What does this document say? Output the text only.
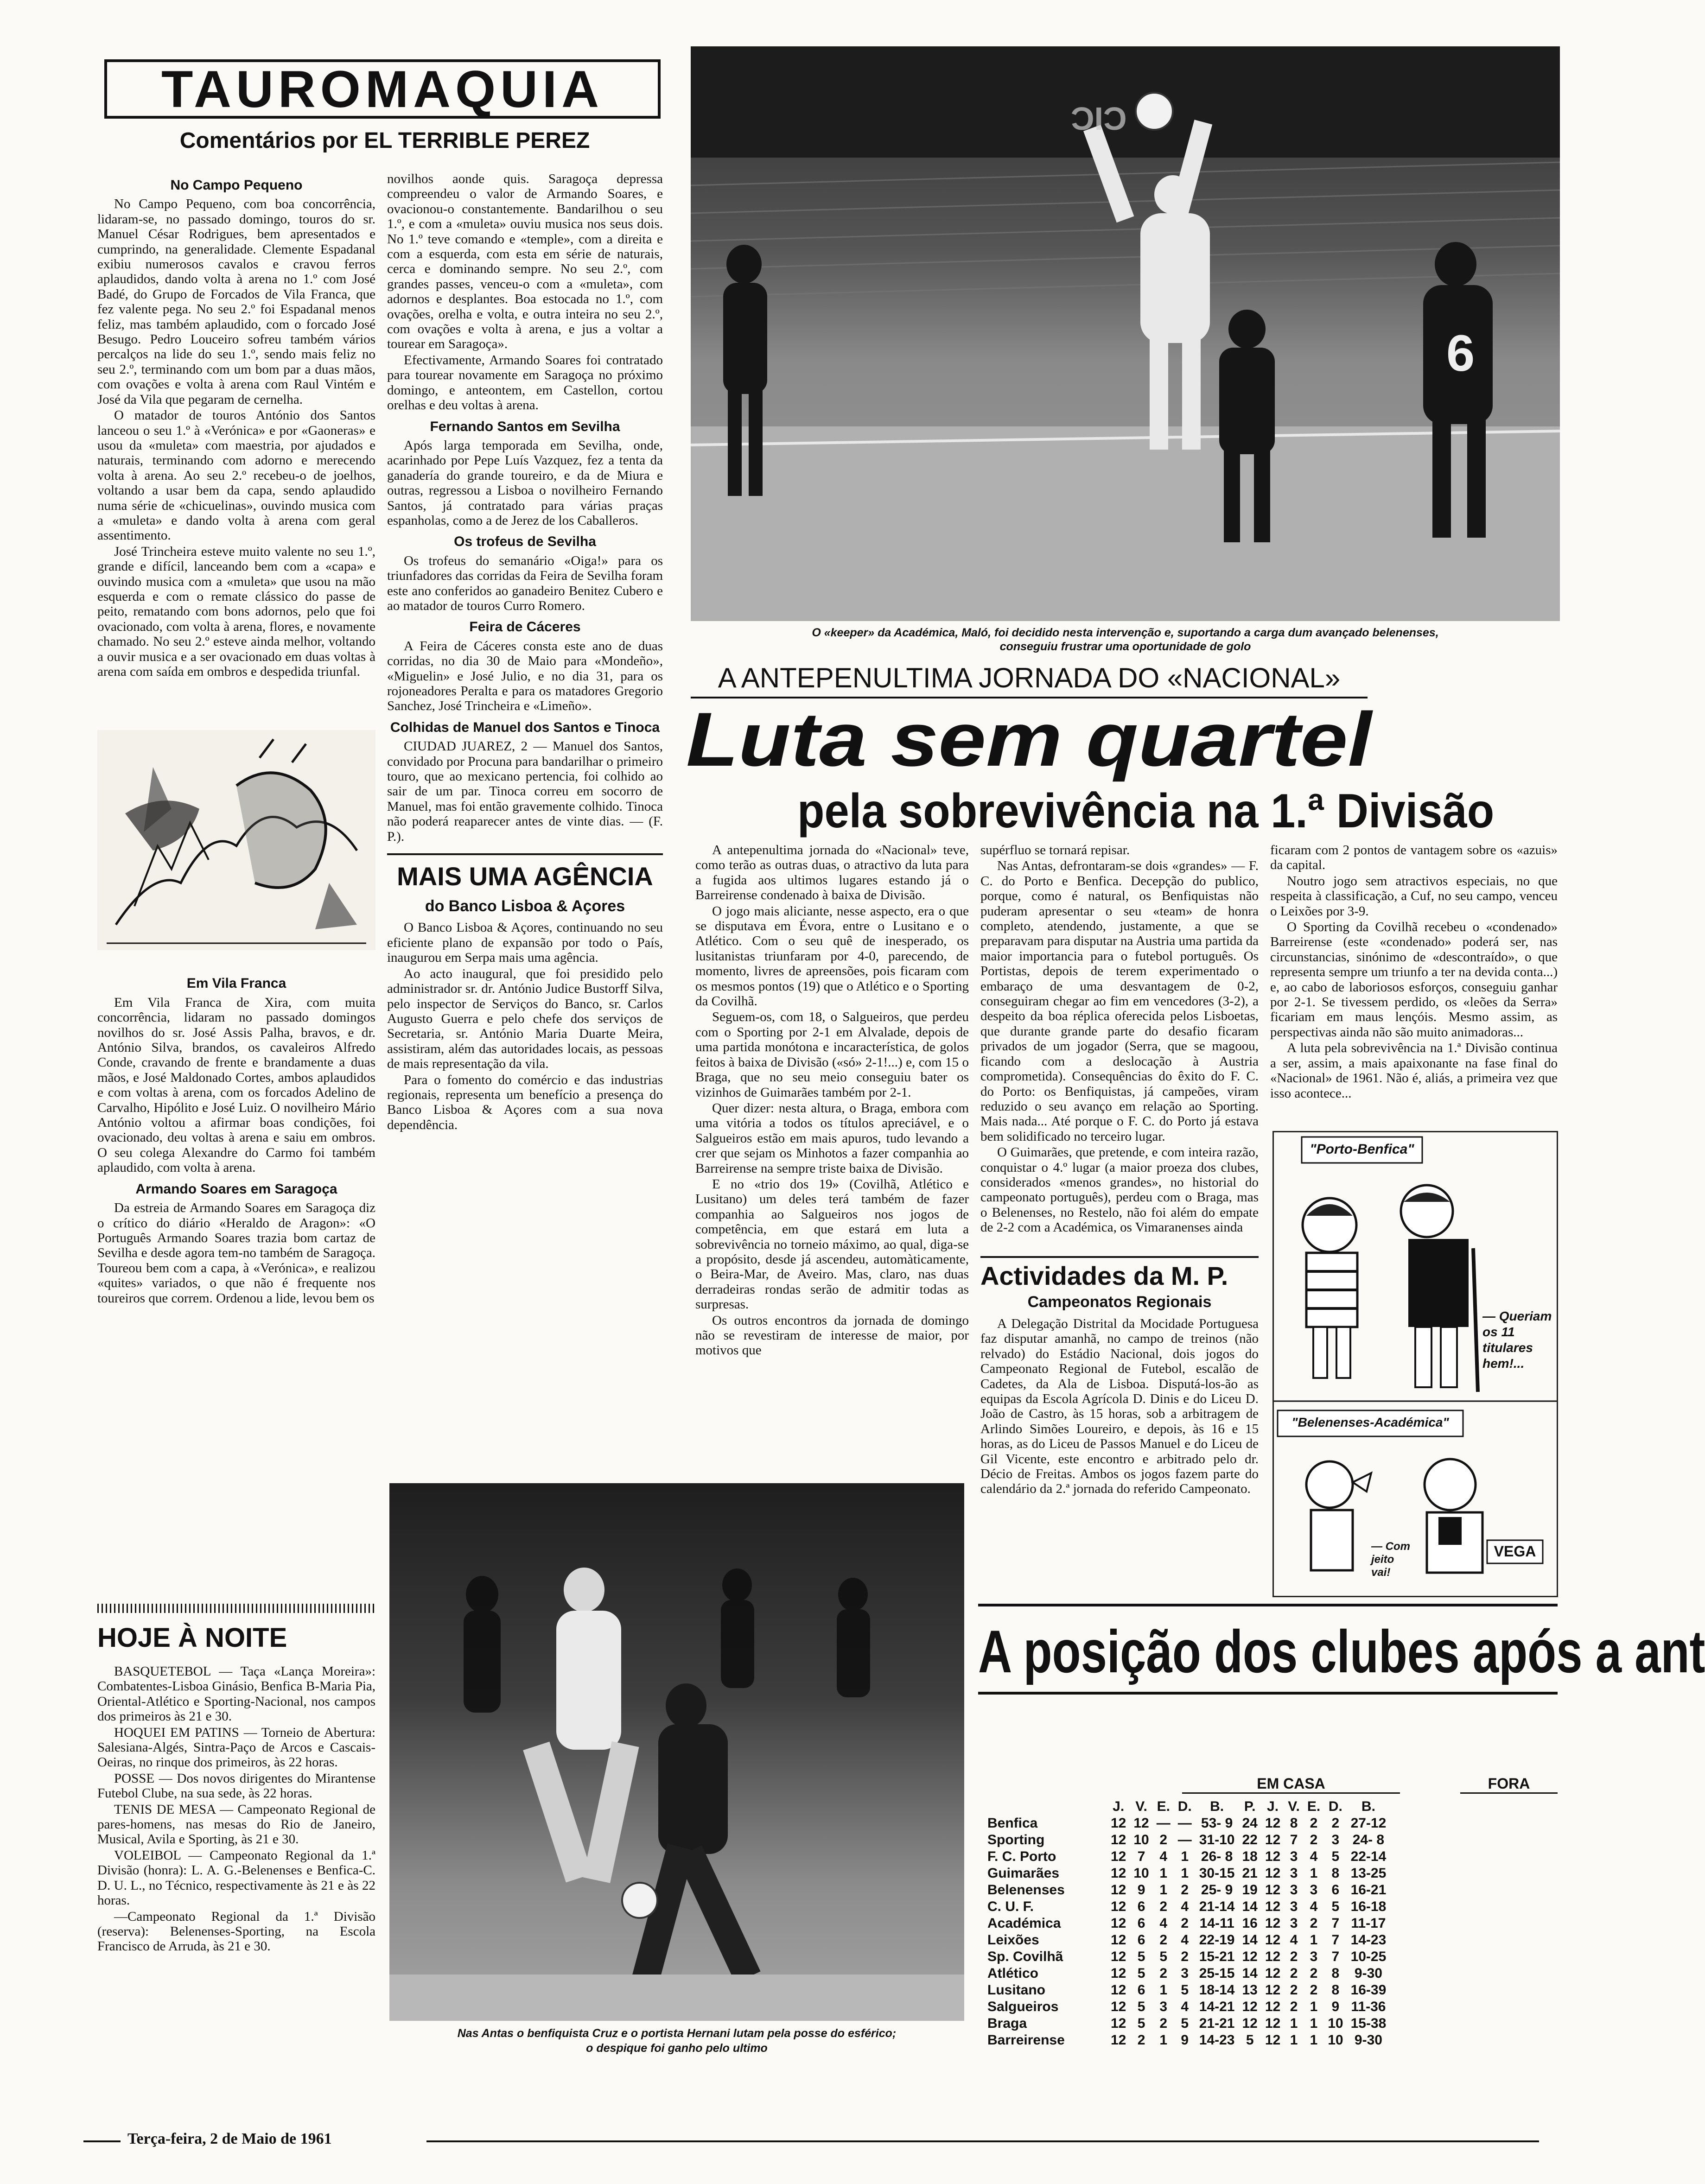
TAUROMAQUIA
Comentários por EL TERRIBLE PEREZ
No Campo Pequeno

No Campo Pequeno, com boa concorrência, lidaram-se, no passado domingo, touros do sr. Manuel César Rodrigues, bem apresentados e cumprindo, na generalidade. Clemente Espadanal exibiu numerosos cavalos e cravou ferros aplaudidos, dando volta à arena no 1.º com José Badé, do Grupo de Forcados de Vila Franca, que fez valente pega. No seu 2.º foi Espadanal menos feliz, mas também aplaudido, com o forcado José Besugo. Pedro Louceiro sofreu também vários percalços na lide do seu 1.º, sendo mais feliz no seu 2.º, terminando com um bom par a duas mãos, com ovações e volta à arena com Raul Vintém e José da Vila que pegaram de cernelha.

O matador de touros António dos Santos lanceou o seu 1.º à «Verónica» e por «Gaoneras» e usou da «muleta» com maestria, por ajudados e naturais, terminando com adorno e merecendo volta à arena. Ao seu 2.º recebeu-o de joelhos, voltando a usar bem da capa, sendo aplaudido numa série de «chicuelinas», ouvindo musica com a «muleta» e dando volta à arena com geral assentimento.

José Trincheira esteve muito valente no seu 1.º, grande e difícil, lanceando bem com a «capa» e ouvindo musica com a «muleta» que usou na mão esquerda e com o remate clássico do passe de peito, rematando com bons adornos, pelo que foi ovacionado, com volta à arena, flores, e novamente chamado. No seu 2.º esteve ainda melhor, voltando a ouvir musica e a ser ovacionado em duas voltas à arena com saída em ombros e despedida triunfal.

Em Vila Franca

Em Vila Franca de Xira, com muita concorrência, lidaram no passado domingos novilhos do sr. José Assis Palha, bravos, e dr. António Silva, brandos, os cavaleiros Alfredo Conde, cravando de frente e brandamente a duas mãos, e José Maldonado Cortes, ambos aplaudidos e com voltas à arena, com os forcados Adelino de Carvalho, Hipólito e José Luiz. O novilheiro Mário António voltou a afirmar boas condições, foi ovacionado, deu voltas à arena e saiu em ombros. O seu colega Alexandre do Carmo foi também aplaudido, com volta à arena.

Armando Soares em Saragoça

Da estreia de Armando Soares em Saragoça diz o crítico do diário «Heraldo de Aragon»: «O Português Armando Soares trazia bom cartaz de Sevilha e desde agora tem-no também de Saragoça. Toureou bem com a capa, à «Verónica», e realizou «quites» variados, o que não é frequente nos toureiros que correm. Ordenou a lide, levou bem os

novilhos aonde quis. Saragoça depressa compreendeu o valor de Armando Soares, e ovacionou-o constantemente. Bandarilhou o seu 1.º, e com a «muleta» ouviu musica nos seus dois. No 1.º teve comando e «temple», com a direita e com a esquerda, com esta em série de naturais, cerca e dominando sempre. No seu 2.º, com grandes passes, venceu-o com a «muleta», com adornos e desplantes. Boa estocada no 1.º, com ovações, orelha e volta, e outra inteira no seu 2.º, com ovações e volta à arena, e jus a voltar a tourear em Saragoça».

Efectivamente, Armando Soares foi contratado para tourear novamente em Saragoça no próximo domingo, e anteontem, em Castellon, cortou orelhas e deu voltas à arena.

Fernando Santos em Sevilha

Após larga temporada em Sevilha, onde, acarinhado por Pepe Luís Vazquez, fez a tenta da ganadería do grande toureiro, e da de Miura e outras, regressou a Lisboa o novilheiro Fernando Santos, já contratado para várias praças espanholas, como a de Jerez de los Caballeros.

Os trofeus de Sevilha

Os trofeus do semanário «Oiga!» para os triunfadores das corridas da Feira de Sevilha foram este ano conferidos ao ganadeiro Benitez Cubero e ao matador de touros Curro Romero.

Feira de Cáceres

A Feira de Cáceres consta este ano de duas corridas, no dia 30 de Maio para «Mondeño», «Miguelin» e José Julio, e no dia 31, para os rojoneadores Peralta e para os matadores Gregorio Sanchez, José Trincheira e «Limeño».

Colhidas de Manuel dos Santos e Tinoca

CIUDAD JUAREZ, 2 — Manuel dos Santos, convidado por Procuna para bandarilhar o primeiro touro, que ao mexicano pertencia, foi colhido ao sair de um par. Tinoca correu em socorro de Manuel, mas foi então gravemente colhido. Tinoca não poderá reaparecer antes de vinte dias. — (F. P.).

MAIS UMA AGÊNCIA
do Banco Lisboa & Açores

O Banco Lisboa & Açores, continuando no seu eficiente plano de expansão por todo o País, inaugurou em Serpa mais uma agência.

Ao acto inaugural, que foi presidido pelo administrador sr. dr. António Judice Bustorff Silva, pelo inspector de Serviços do Banco, sr. Carlos Augusto Guerra e pelo chefe dos serviços de Secretaria, sr. António Maria Duarte Meira, assistiram, além das autoridades locais, as pessoas de mais representação da vila.

Para o fomento do comércio e das industrias regionais, representa um benefício a presença do Banco Lisboa & Açores com a sua nova dependência.

HOJE À NOITE

BASQUETEBOL — Taça «Lança Moreira»: Combatentes-Lisboa Ginásio, Benfica B-Maria Pia, Oriental-Atlético e Sporting-Nacional, nos campos dos primeiros às 21 e 30.

HOQUEI EM PATINS — Torneio de Abertura: Salesiana-Algés, Sintra-Paço de Arcos e Cascais-Oeiras, no rinque dos primeiros, às 22 horas.

POSSE — Dos novos dirigentes do Mirantense Futebol Clube, na sua sede, às 22 horas.

TENIS DE MESA — Campeonato Regional de pares-homens, nas mesas do Rio de Janeiro, Musical, Avila e Sporting, às 21 e 30.

VOLEIBOL — Campeonato Regional da 1.ª Divisão (honra): L. A. G.-Belenenses e Benfica-C. D. U. L., no Técnico, respectivamente às 21 e às 22 horas.

—Campeonato Regional da 1.ª Divisão (reserva): Belenenses-Sporting, na Escola Francisco de Arruda, às 21 e 30.

Terça-feira, 2 de Maio de 1961
6
ƆIƆ
O «keeper» da Académica, Maló, foi decidido nesta intervenção e, suportando a carga dum avançado belenenses,
conseguiu frustrar uma oportunidade de golo
A ANTEPENULTIMA JORNADA DO «NACIONAL»
Luta sem quartel
pela sobrevivência na 1.ª Divisão

A antepenultima jornada do «Nacional» teve, como terão as outras duas, o atractivo da luta para a fugida aos ultimos lugares estando já o Barreirense condenado à baixa de Divisão.

O jogo mais aliciante, nesse aspecto, era o que se disputava em Évora, entre o Lusitano e o Atlético. Com o seu quê de inesperado, os lusitanistas triunfaram por 4-0, parecendo, de momento, livres de apreensões, pois ficaram com os mesmos pontos (19) que o Atlético e o Sporting da Covilhã.

Seguem-os, com 18, o Salgueiros, que perdeu com o Sporting por 2-1 em Alvalade, depois de uma partida monótona e incaracterística, de golos feitos à baixa de Divisão («só» 2-1!...) e, com 15 o Braga, que no seu meio conseguiu bater os vizinhos de Guimarães também por 2-1.

Quer dizer: nesta altura, o Braga, embora com uma vitória a todos os títulos apreciável, e o Salgueiros estão em mais apuros, tudo levando a crer que sejam os Minhotos a fazer companhia ao Barreirense na sempre triste baixa de Divisão.

E no «trio dos 19» (Covilhã, Atlético e Lusitano) um deles terá também de fazer companhia ao Salgueiros nos jogos de competência, em que estará em luta a sobrevivência no torneio máximo, ao qual, diga-se a propósito, desde já ascendeu, automàticamente, o Beira-Mar, de Aveiro. Mas, claro, nas duas derradeiras rondas serão de admitir todas as surpresas.

Os outros encontros da jornada de domingo não se revestiram de interesse de maior, por motivos que

supérfluo se tornará repisar.

Nas Antas, defrontaram-se dois «grandes» — F. C. do Porto e Benfica. Decepção do publico, porque, como é natural, os Benfiquistas não puderam apresentar o seu «team» de honra completo, atendendo, justamente, a que se preparavam para disputar na Austria uma partida da maior importancia para o futebol português. Os Portistas, depois de terem experimentado o embaraço de uma desvantagem de 0-2, conseguiram chegar ao fim em vencedores (3-2), a despeito da boa réplica oferecida pelos Lisboetas, que durante grande parte do desafio ficaram privados de um jogador (Serra, que se magoou, ficando com a deslocação à Austria comprometida). Consequências do êxito do F. C. do Porto: os Benfiquistas, já campeões, viram reduzido o seu avanço em relação ao Sporting. Mais nada... Até porque o F. C. do Porto já estava bem solidificado no terceiro lugar.

O Guimarães, que pretende, e com inteira razão, conquistar o 4.º lugar (a maior proeza dos clubes, considerados «menos grandes», no historial do campeonato português), perdeu com o Braga, mas o Belenenses, no Restelo, não foi além do empate de 2-2 com a Académica, os Vimaranenses ainda

ficaram com 2 pontos de vantagem sobre os «azuis» da capital.

Noutro jogo sem atractivos especiais, no que respeita à classificação, a Cuf, no seu campo, venceu o Leixões por 3-9.

O Sporting da Covilhã recebeu o «condenado» Barreirense (este «condenado» poderá ser, nas circunstancias, sinónimo de «descontraído», o que representa sempre um triunfo a ter na devida conta...) e, ao cabo de laboriosos esforços, conseguiu ganhar por 2-1. Se tivessem perdido, os «leões da Serra» ficariam em maus lençóis. Mesmo assim, as perspectivas ainda não são muito animadoras...

A luta pela sobrevivência na 1.ª Divisão continua a ser, assim, a mais apaixonante na fase final do «Nacional» de 1961. Não é, aliás, a primeira vez que isso acontece...

Actividades da M. P.
Campeonatos Regionais

A Delegação Distrital da Mocidade Portuguesa faz disputar amanhã, no campo de treinos (não relvado) do Estádio Nacional, dois jogos do Campeonato Regional de Futebol, escalão de Cadetes, da Ala de Lisboa. Disputá-los-ão as equipas da Escola Agrícola D. Dinis e do Liceu D. João de Castro, às 15 horas, sob a arbitragem de Arlindo Simões Loureiro, e depois, às 16 e 15 horas, as do Liceu de Passos Manuel e do Liceu de Gil Vicente, este encontro e arbitrado pelo dr. Décio de Freitas. Ambos os jogos fazem parte do calendário da 2.ª jornada do referido Campeonato.

"Porto-Benfica"
— Queriam
os 11
titulares
hem!...
"Belenenses-Académica"
— Com
jeito
vai!
VEGA
Nas Antas o benfiquista Cruz e o portista Hernani lutam pela posse do esférico;
o despique foi ganho pelo ultimo
A posição dos clubes após a ant
EM CASA	FORA
	J.	V.	E.	D.	B.	P.	J.	V.	E.	D.	B.
Benfica	12	12	—	—	53- 9	24	12	8	2	2	27-12
Sporting	12	10	2	—	31-10	22	12	7	2	3	24- 8
F. C. Porto	12	7	4	1	26- 8	18	12	3	4	5	22-14
Guimarães	12	10	1	1	30-15	21	12	3	1	8	13-25
Belenenses	12	9	1	2	25- 9	19	12	3	3	6	16-21
C. U. F.	12	6	2	4	21-14	14	12	3	4	5	16-18
Académica	12	6	4	2	14-11	16	12	3	2	7	11-17
Leixões	12	6	2	4	22-19	14	12	4	1	7	14-23
Sp. Covilhã	12	5	5	2	15-21	12	12	2	3	7	10-25
Atlético	12	5	2	3	25-15	14	12	2	2	8	9-30
Lusitano	12	6	1	5	18-14	13	12	2	2	8	16-39
Salgueiros	12	5	3	4	14-21	12	12	2	1	9	11-36
Braga	12	5	2	5	21-21	12	12	1	1	10	15-38
Barreirense	12	2	1	9	14-23	5	12	1	1	10	9-30
